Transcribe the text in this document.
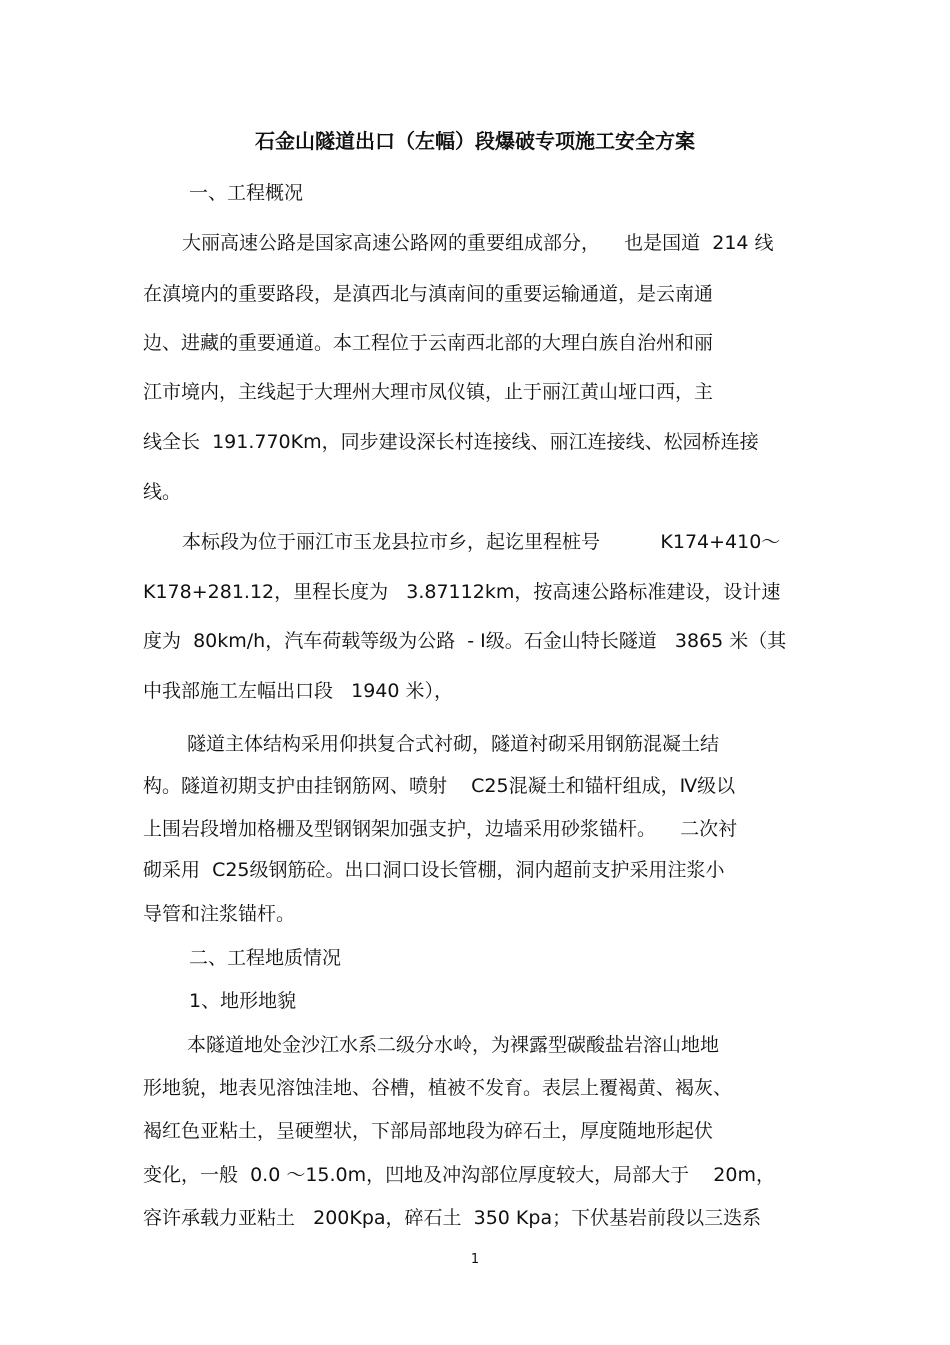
石金山隧道出口（左幅）段爆破专项施工安全方案

一、工程概况

大丽高速公路是国家高速公路网的重要组成部分，    也是国道  214 线

在滇境内的重要路段，是滇西北与滇南间的重要运输通道，是云南通

边、进藏的重要通道。本工程位于云南西北部的大理白族自治州和丽

江市境内，主线起于大理州大理市凤仪镇，止于丽江黄山垭口西，主

线全长  191.770Km，同步建设深长村连接线、丽江连接线、松园桥连接

线。

本标段为位于丽江市玉龙县拉市乡，起讫里程桩号          K174+410～

K178+281.12，里程长度为   3.87112km，按高速公路标准建设，设计速

度为  80km/h，汽车荷载等级为公路  - Ⅰ级。石金山特长隧道   3865 米（其

中我部施工左幅出口段   1940 米），

隧道主体结构采用仰拱复合式衬砌，隧道衬砌采用钢筋混凝土结

构。隧道初期支护由挂钢筋网、喷射    C25混凝土和锚杆组成，Ⅳ级以

上围岩段增加格栅及型钢钢架加强支护，边墙采用砂浆锚杆。    二次衬

砌采用  C25级钢筋砼。出口洞口设长管棚，洞内超前支护采用注浆小

导管和注浆锚杆。

二、工程地质情况

1、地形地貌

本隧道地处金沙江水系二级分水岭，为裸露型碳酸盐岩溶山地地

形地貌，地表见溶蚀洼地、谷槽，植被不发育。表层上覆褐黄、褐灰、

褐红色亚粘土，呈硬塑状，下部局部地段为碎石土，厚度随地形起伏

变化，一般  0.0 ～15.0m，凹地及冲沟部位厚度较大，局部大于    20m，

容许承载力亚粘土   200Kpa，碎石土  350 Kpa；下伏基岩前段以三迭系

1
